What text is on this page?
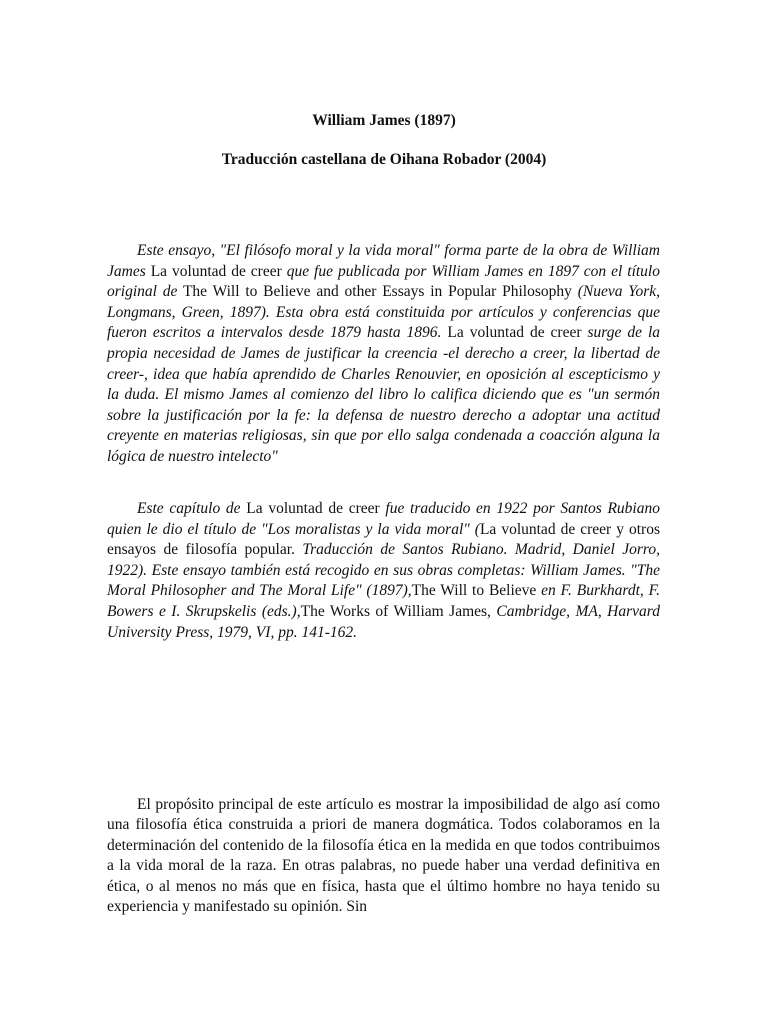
William James (1897)

Traducción castellana de Oihana Robador (2004)

Este ensayo, "El filósofo moral y la vida moral" forma parte de la obra de William James La voluntad de creer que fue publicada por William James en 1897 con el título original de The Will to Believe and other Essays in Popular Philosophy (Nueva York, Longmans, Green, 1897). Esta obra está constituida por artículos y conferencias que fueron escritos a intervalos desde 1879 hasta 1896. La voluntad de creer surge de la propia necesidad de James de justificar la creencia -el derecho a creer, la libertad de creer-, idea que había aprendido de Charles Renouvier, en oposición al escepticismo y la duda. El mismo James al comienzo del libro lo califica diciendo que es "un sermón sobre la justificación por la fe: la defensa de nuestro derecho a adoptar una actitud creyente en materias religiosas, sin que por ello salga condenada a coacción alguna la lógica de nuestro intelecto"

Este capítulo de La voluntad de creer fue traducido en 1922 por Santos Rubiano quien le dio el título de "Los moralistas y la vida moral" (La voluntad de creer y otros ensayos de filosofía popular. Traducción de Santos Rubiano. Madrid, Daniel Jorro, 1922). Este ensayo también está recogido en sus obras completas: William James. "The Moral Philosopher and The Moral Life" (1897),The Will to Believe en F. Burkhardt, F. Bowers e I. Skrupskelis (eds.),The Works of William James, Cambridge, MA, Harvard University Press, 1979, VI, pp. 141-162.

El propósito principal de este artículo es mostrar la imposibilidad de algo así como una filosofía ética construida a priori de manera dogmática. Todos colaboramos en la determinación del contenido de la filosofía ética en la medida en que todos contribuimos a la vida moral de la raza. En otras palabras, no puede haber una verdad definitiva en ética, o al menos no más que en física, hasta que el último hombre no haya tenido su experiencia y manifestado su opinión. Sin
